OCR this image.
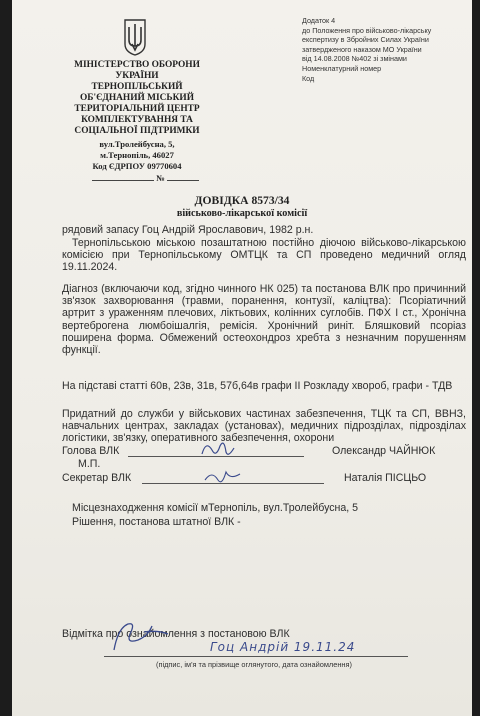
Додаток 4
до Положення про військово-лікарську
експертизу в Збройних Силах України
затвердженого наказом МО України
від 14.08.2008 №402 зі змінами
Номенклатурний номер
Код
МІНІСТЕРСТВО ОБОРОНИ
УКРАЇНИ
ТЕРНОПІЛЬСЬКИЙ
ОБ'ЄДНАНИЙ МІСЬКИЙ
ТЕРИТОРІАЛЬНИЙ ЦЕНТР
КОМПЛЕКТУВАННЯ ТА
СОЦІАЛЬНОЇ ПІДТРИМКИ
вул.Тролейбусна, 5,
м.Тернопіль, 46027
Код ЄДРПОУ 09770604
№
ДОВІДКА 8573/34
військово-лікарської комісії
рядовий запасу Гоц Андрій Ярославович, 1982 р.н.
Тернопільською міською позаштатною постійно діючою військово-лікарською комісією при Тернопільському ОМТЦК та СП проведено медичний огляд 19.11.2024.
Діагноз (включаючи код, згідно чинного НК 025) та постанова ВЛК про причинний зв'язок захворювання (травми, поранення, контузії, каліцтва): Псоріатичний артрит з ураженням плечових, ліктьових, колінних суглобів. ПФХ І ст., Хронічна вертеброгена люмбоішалгія, ремісія. Хронічний риніт. Бляшковий псоріаз поширена форма. Обмежений остеохондроз хребта з незначним порушенням функції.
На підставі статті 60в, 23в, 31в, 57б,64в графи ІІ Розкладу хвороб, графи - ТДВ
Придатний до служби у військових частинах забезпечення, ТЦК та СП, ВВНЗ, навчальних центрах, закладах (установах), медичних підрозділах, підрозділах логістики, зв'язку, оперативного забезпечення, охорони
Голова ВЛК	Олександр ЧАЙНЮК
М.П.
Секретар ВЛК	Наталія ПІСЦЬО
Місцезнаходження комісії мТернопіль, вул.Тролейбусна, 5
Рішення, постанова штатної ВЛК -
Відмітка про ознайомлення з постановою ВЛК
Гоц Андрій 19.11.24
(підпис, ім'я та прізвище оглянутого, дата ознайомлення)
